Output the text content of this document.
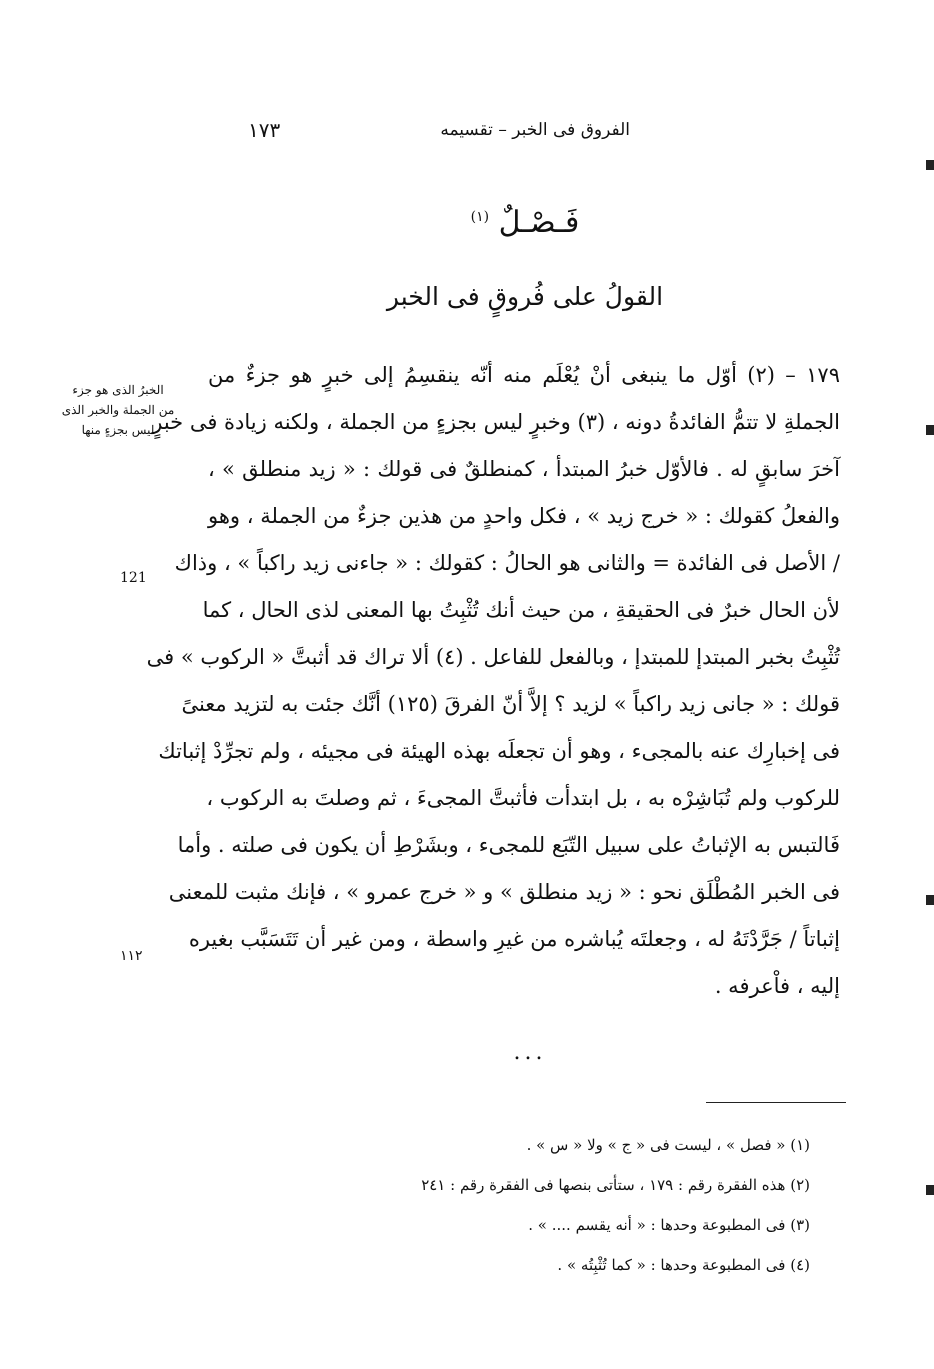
الفروق فى الخبر – تقسيمه
١٧٣
فَـصْـلٌ $^{(١)}$
القولُ على فُروقٍ فى الخبر
١٧٩ – (٢) أوّل ما ينبغى أنْ يُعْلَم منه أنّه ينقسِمُ إلى خبرٍ هو جزءٌ من
الجملةِ لا تتمُّ الفائدةُ دونه ، (٣) وخبرٍ ليس بجزءٍ من الجملة ، ولكنه زيادة فى خبرٍ
آخرَ سابقٍ له . فالأوّل خبرُ المبتدأ ، كمنطلقٌ فى قولك : « زيد منطلق » ،
والفعلُ كقولك : « خرج زيد » ، فكل واحدٍ من هذين جزءٌ من الجملة ، وهو
/ الأصل فى الفائدة = والثانى هو الحالُ : كقولك : « جاءنى زيد راكباً » ، وذاك
لأن الحال خبرٌ فى الحقيقةِ ، من حيث أنك تُثْبِتُ بها المعنى لذى الحال ، كما
تُثْبِتُ بخبر المبتدإ للمبتدإ ، وبالفعل للفاعل . (٤) ألا تراك قد أثبتَّ « الركوب » فى
قولك : « جانى زيد راكباً » لزيد ؟ إلاَّ أنّ الفرقَ (١٢٥) أنَّك جئت به لتزيد معنىً
فى إخبارِك عنه بالمجىء ، وهو أن تجعلَه بهذه الهيئة فى مجيئه ، ولم تجرِّدْ إثباتك
للركوب ولم تُبَاشِرْه به ، بل ابتدأت فأثبتَّ المجىءَ ، ثم وصلتَ به الركوب ،
فَالتبس به الإثباتُ على سبيل التّبَع للمجىء ، وبشَرْطِ أن يكون فى صلته . وأما
فى الخبر المُطْلَق نحو : « زيد منطلق » و « خرج عمرو » ، فإنك مثبت للمعنى
إثباتاً / جَرَّدْتَهُ له ، وجعلتَه يُباشره من غيرِ واسطة ، ومن غير أن تَتَسَبَّب بغيره
إليه ، فاْعرفه .
الخبرُ الذى هو جزء
من الجملة والخبر الذى
ليس بجزءٍ منها
121
١١٢
...
(١) « فصل » ، ليست فى « ج » ولا « س » .
(٢) هذه الفقرة رقم : ١٧٩ ، ستأتى بنصها فى الفقرة رقم : ٢٤١
(٣) فى المطبوعة وحدها : « أنه يقسم .... » .
(٤) فى المطبوعة وحدها : « كما تُثْبِتُه » .
